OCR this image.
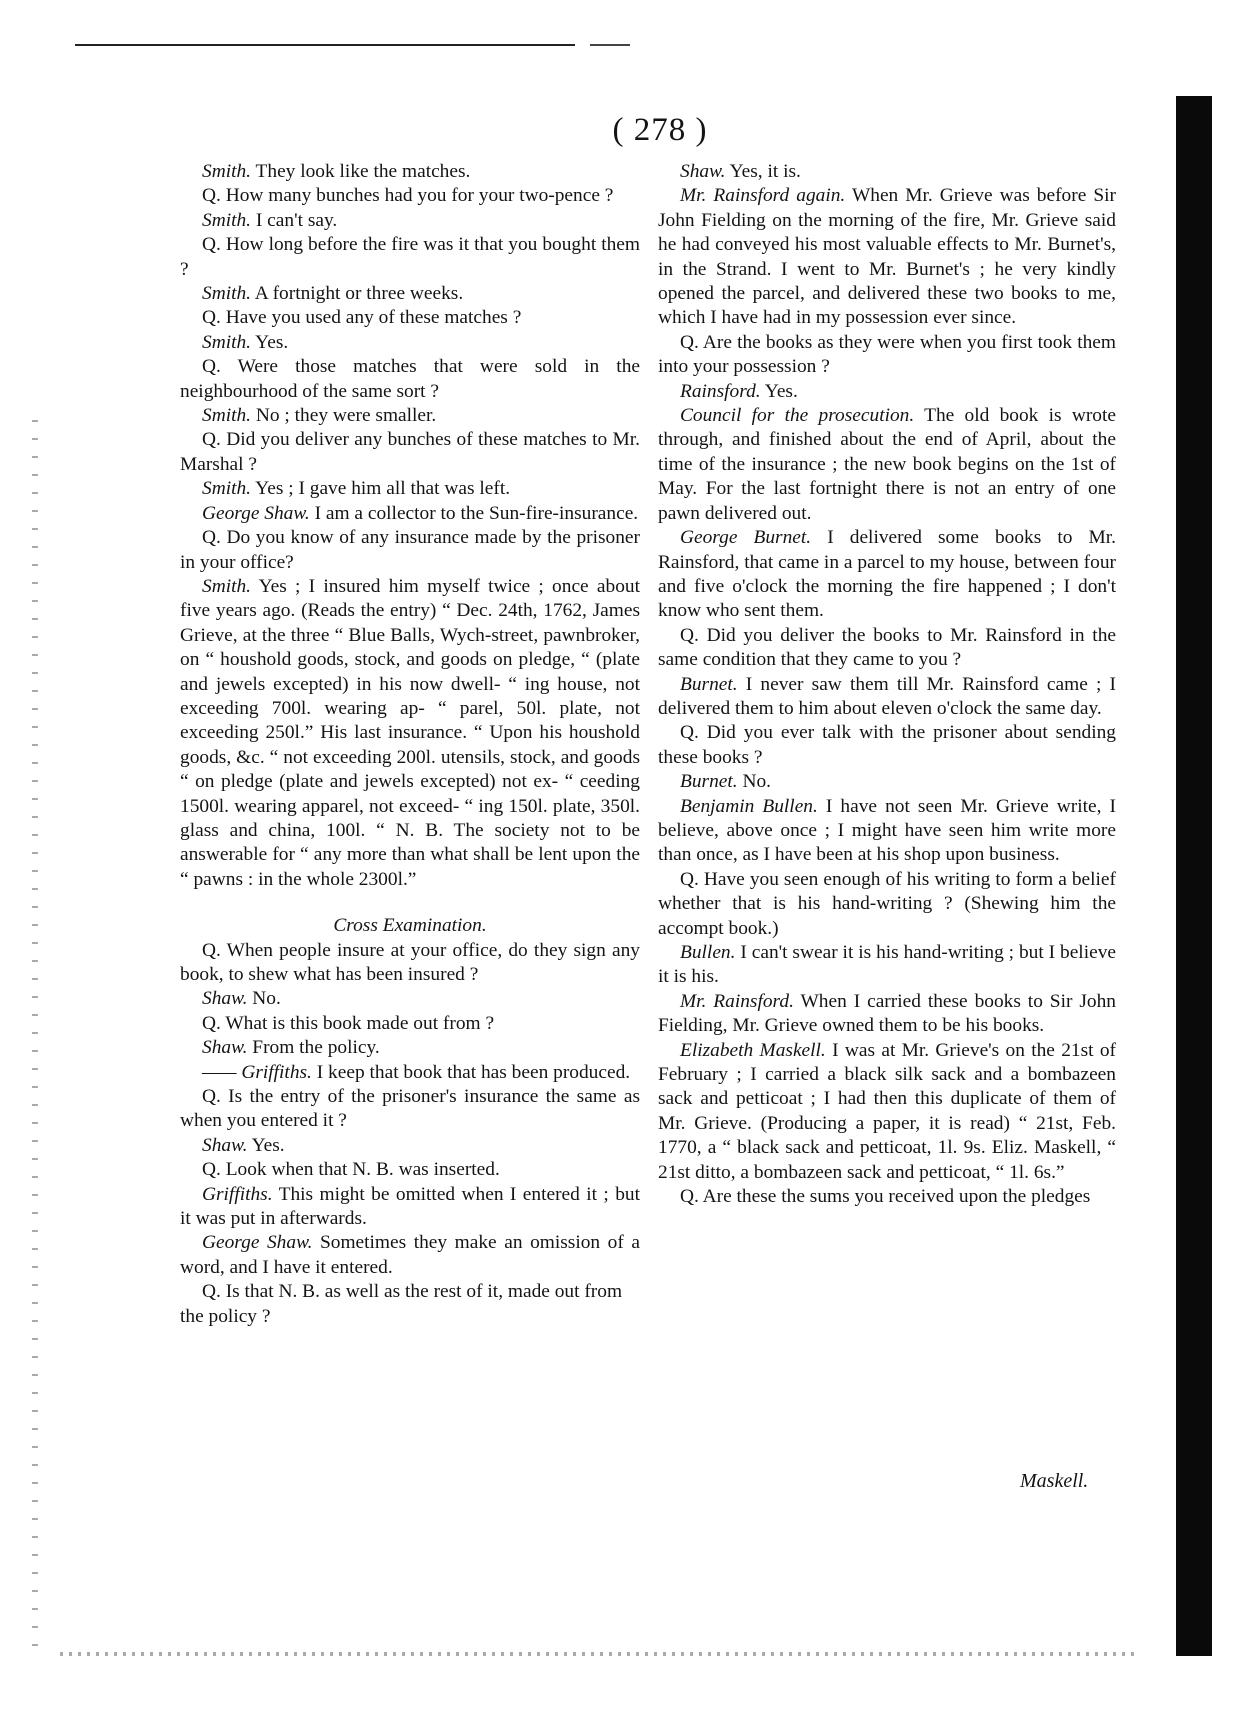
( 278 )

Smith. They look like the matches.

Q. How many bunches had you for your two-pence ?

Smith. I can't say.

Q. How long before the fire was it that you bought them ?

Smith. A fortnight or three weeks.

Q. Have you used any of these matches ?

Smith. Yes.

Q. Were those matches that were sold in the neighbourhood of the same sort ?

Smith. No ; they were smaller.

Q. Did you deliver any bunches of these matches to Mr. Marshal ?

Smith. Yes ; I gave him all that was left.

George Shaw. I am a collector to the Sun-fire-insurance.

Q. Do you know of any insurance made by the prisoner in your office?

Smith. Yes ; I insured him myself twice ; once about five years ago. (Reads the entry) “ Dec. 24th, 1762, James Grieve, at the three “ Blue Balls, Wych-street, pawnbroker, on “ houshold goods, stock, and goods on pledge, “ (plate and jewels excepted) in his now dwell- “ ing house, not exceeding 700l. wearing ap- “ parel, 50l. plate, not exceeding 250l.” His last insurance. “ Upon his houshold goods, &c. “ not exceeding 200l. utensils, stock, and goods “ on pledge (plate and jewels excepted) not ex- “ ceeding 1500l. wearing apparel, not exceed- “ ing 150l. plate, 350l. glass and china, 100l. “ N. B. The society not to be answerable for “ any more than what shall be lent upon the “ pawns : in the whole 2300l.”

Cross Examination.

Q. When people insure at your office, do they sign any book, to shew what has been insured ?

Shaw. No.

Q. What is this book made out from ?

Shaw. From the policy.

—— Griffiths. I keep that book that has been produced.

Q. Is the entry of the prisoner's insurance the same as when you entered it ?

Shaw. Yes.

Q. Look when that N. B. was inserted.

Griffiths. This might be omitted when I entered it ; but it was put in afterwards.

George Shaw. Sometimes they make an omission of a word, and I have it entered.

Q. Is that N. B. as well as the rest of it, made out from the policy ?

Shaw. Yes, it is.

Mr. Rainsford again. When Mr. Grieve was before Sir John Fielding on the morning of the fire, Mr. Grieve said he had conveyed his most valuable effects to Mr. Burnet's, in the Strand. I went to Mr. Burnet's ; he very kindly opened the parcel, and delivered these two books to me, which I have had in my possession ever since.

Q. Are the books as they were when you first took them into your possession ?

Rainsford. Yes.

Council for the prosecution. The old book is wrote through, and finished about the end of April, about the time of the insurance ; the new book begins on the 1st of May. For the last fortnight there is not an entry of one pawn delivered out.

George Burnet. I delivered some books to Mr. Rainsford, that came in a parcel to my house, between four and five o'clock the morning the fire happened ; I don't know who sent them.

Q. Did you deliver the books to Mr. Rainsford in the same condition that they came to you ?

Burnet. I never saw them till Mr. Rainsford came ; I delivered them to him about eleven o'clock the same day.

Q. Did you ever talk with the prisoner about sending these books ?

Burnet. No.

Benjamin Bullen. I have not seen Mr. Grieve write, I believe, above once ; I might have seen him write more than once, as I have been at his shop upon business.

Q. Have you seen enough of his writing to form a belief whether that is his hand-writing ? (Shewing him the accompt book.)

Bullen. I can't swear it is his hand-writing ; but I believe it is his.

Mr. Rainsford. When I carried these books to Sir John Fielding, Mr. Grieve owned them to be his books.

Elizabeth Maskell. I was at Mr. Grieve's on the 21st of February ; I carried a black silk sack and a bombazeen sack and petticoat ; I had then this duplicate of them of Mr. Grieve. (Producing a paper, it is read) “ 21st, Feb. 1770, a “ black sack and petticoat, 1l. 9s. Eliz. Maskell, “ 21st ditto, a bombazeen sack and petticoat, “ 1l. 6s.”

Q. Are these the sums you received upon the pledges

Maskell.
